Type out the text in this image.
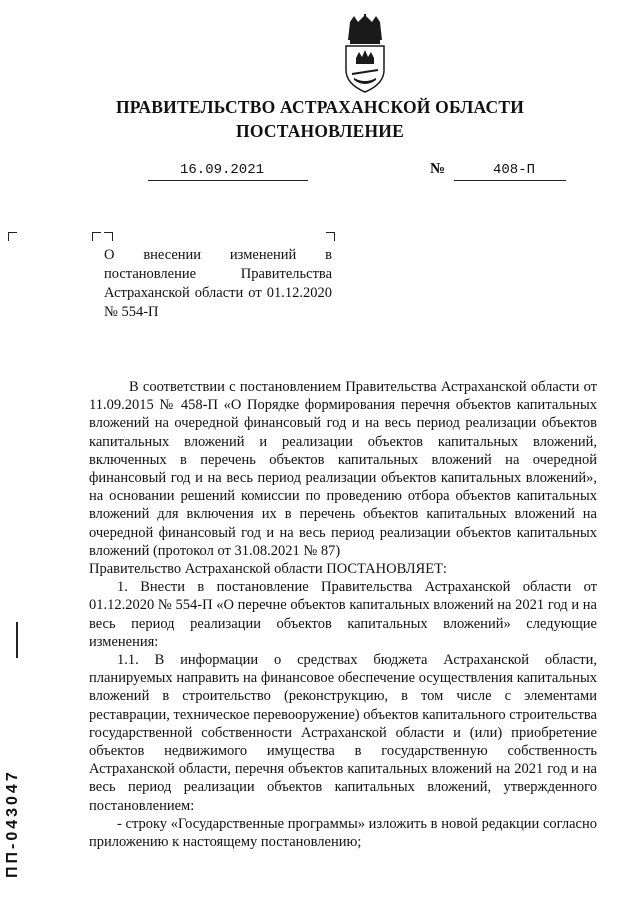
ПРАВИТЕЛЬСТВО АСТРАХАНСКОЙ ОБЛАСТИ
ПОСТАНОВЛЕНИЕ
16.09.2021	№	408-П
О внесении изменений в постановление Правительства Астраханской области от 01.12.2020 № 554-П

В соответствии с постановлением Правительства Астраханской области от 11.09.2015 № 458-П «О Порядке формирования перечня объектов капитальных вложений на очередной финансовый год и на весь период реализации объектов капитальных вложений и реализации объектов капитальных вложений, включенных в перечень объектов капитальных вложений на очередной финансовый год и на весь период реализации объектов капитальных вложений», на основании решений комиссии по проведению отбора объектов капитальных вложений для включения их в перечень объектов капитальных вложений на очередной финансовый год и на весь период реализации объектов капитальных вложений (протокол от 31.08.2021 № 87)

Правительство Астраханской области ПОСТАНОВЛЯЕТ:

1. Внести в постановление Правительства Астраханской области от 01.12.2020 № 554-П «О перечне объектов капитальных вложений на 2021 год и на весь период реализации объектов капитальных вложений» следующие изменения:

1.1. В информации о средствах бюджета Астраханской области, планируемых направить на финансовое обеспечение осуществления капитальных вложений в строительство (реконструкцию, в том числе с элементами реставрации, техническое перевооружение) объектов капитального строительства государственной собственности Астраханской области и (или) приобретение объектов недвижимого имущества в государственную собственность Астраханской области, перечня объектов капитальных вложений на 2021 год и на весь период реализации объектов капитальных вложений, утвержденного постановлением:

- строку «Государственные программы» изложить в новой редакции согласно приложению к настоящему постановлению;

ПП-043047
